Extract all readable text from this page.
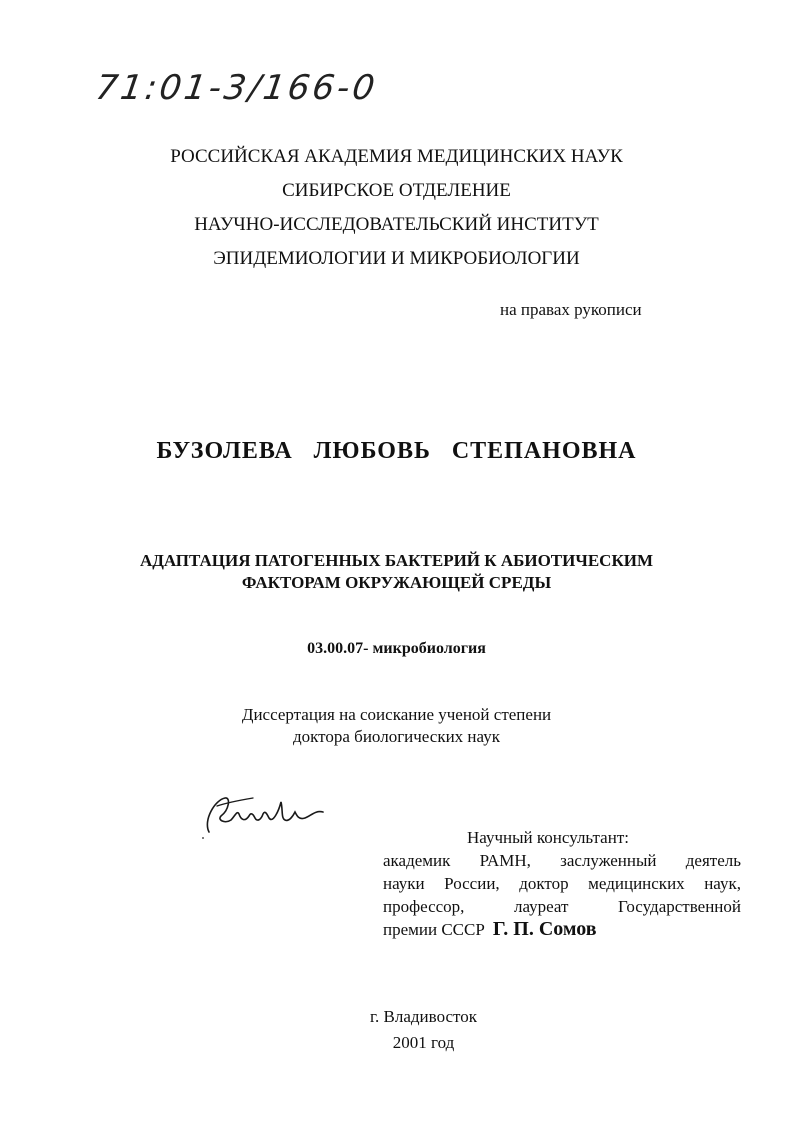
71:01-3/166-0
РОССИЙСКАЯ АКАДЕМИЯ МЕДИЦИНСКИХ НАУК
СИБИРСКОЕ ОТДЕЛЕНИЕ
НАУЧНО-ИССЛЕДОВАТЕЛЬСКИЙ ИНСТИТУТ
ЭПИДЕМИОЛОГИИ И МИКРОБИОЛОГИИ
на правах рукописи
БУЗОЛЕВА ЛЮБОВЬ СТЕПАНОВНА
АДАПТАЦИЯ ПАТОГЕННЫХ БАКТЕРИЙ К АБИОТИЧЕСКИМ
ФАКТОРАМ ОКРУЖАЮЩЕЙ СРЕДЫ
03.00.07- микробиология
Диссертация на соискание ученой степени
доктора биологических наук
Научный консультант:
академик РАМН, заслуженный деятель
науки России, доктор медицинских наук,
профессор, лауреат Государственной
премии СССР Г. П. Сомов
г. Владивосток
2001 год
